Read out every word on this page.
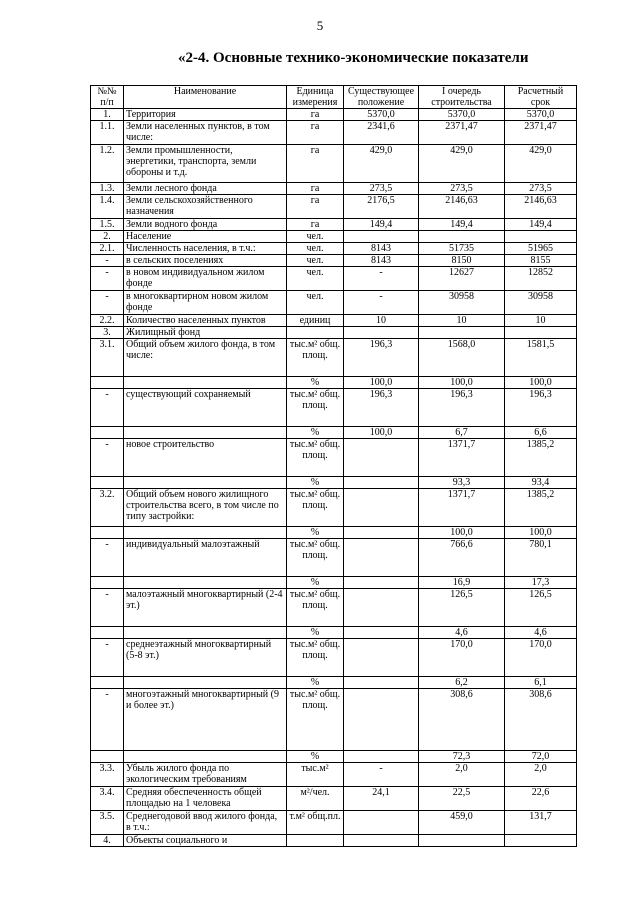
5
«2-4. Основные технико-экономические показатели
№№ п/п	Наименование	Единица измерения	Существующее положение	I очередь строительства	Расчетный срок
1.	Территория	га	5370,0	5370,0	5370,0
1.1.	Земли населенных пунктов, в том числе:	га	2341,6	2371,47	2371,47
1.2.	Земли промышленности, энергетики, транспорта, земли обороны и т.д.	га	429,0	429,0	429,0
1.3.	Земли лесного фонда	га	273,5	273,5	273,5
1.4.	Земли сельскохозяйственного назначения	га	2176,5	2146,63	2146,63
1.5.	Земли водного фонда	га	149,4	149,4	149,4
2.	Население	чел.			
2.1.	Численность населения, в т.ч.:	чел.	8143	51735	51965
-	в сельских поселениях	чел.	8143	8150	8155
-	в новом индивидуальном жилом фонде	чел.	-	12627	12852
-	в многоквартирном новом жилом фонде	чел.	-	30958	30958
2.2.	Количество населенных пунктов	единиц	10	10	10
3.	Жилищный фонд				
3.1.	Общий объем жилого фонда, в том числе:	тыс.м² общ. площ.	196,3	1568,0	1581,5
		%	100,0	100,0	100,0
-	существующий сохраняемый	тыс.м² общ. площ.	196,3	196,3	196,3
		%	100,0	6,7	6,6
-	новое строительство	тыс.м² общ. площ.		1371,7	1385,2
		%		93,3	93,4
3.2.	Общий объем нового жилищного строительства всего, в том числе по типу застройки:	тыс.м² общ. площ.		1371,7	1385,2
		%		100,0	100,0
-	индивидуальный малоэтажный	тыс.м² общ. площ.		766,6	780,1
		%		16,9	17,3
-	малоэтажный многоквартирный (2-4 эт.)	тыс.м² общ. площ.		126,5	126,5
		%		4,6	4,6
-	среднеэтажный многоквартирный (5-8 эт.)	тыс.м² общ. площ.		170,0	170,0
		%		6,2	6,1
-	многоэтажный многоквартирный (9 и более эт.)	тыс.м² общ. площ.		308,6	308,6
		%		72,3	72,0
3.3.	Убыль жилого фонда по экологическим требованиям	тыс.м²	-	2,0	2,0
3.4.	Средняя обеспеченность общей площадью на 1 человека	м²/чел.	24,1	22,5	22,6
3.5.	Среднегодовой ввод жилого фонда, в т.ч.:	т.м² общ.пл.		459,0	131,7
4.	Объекты социального и				
